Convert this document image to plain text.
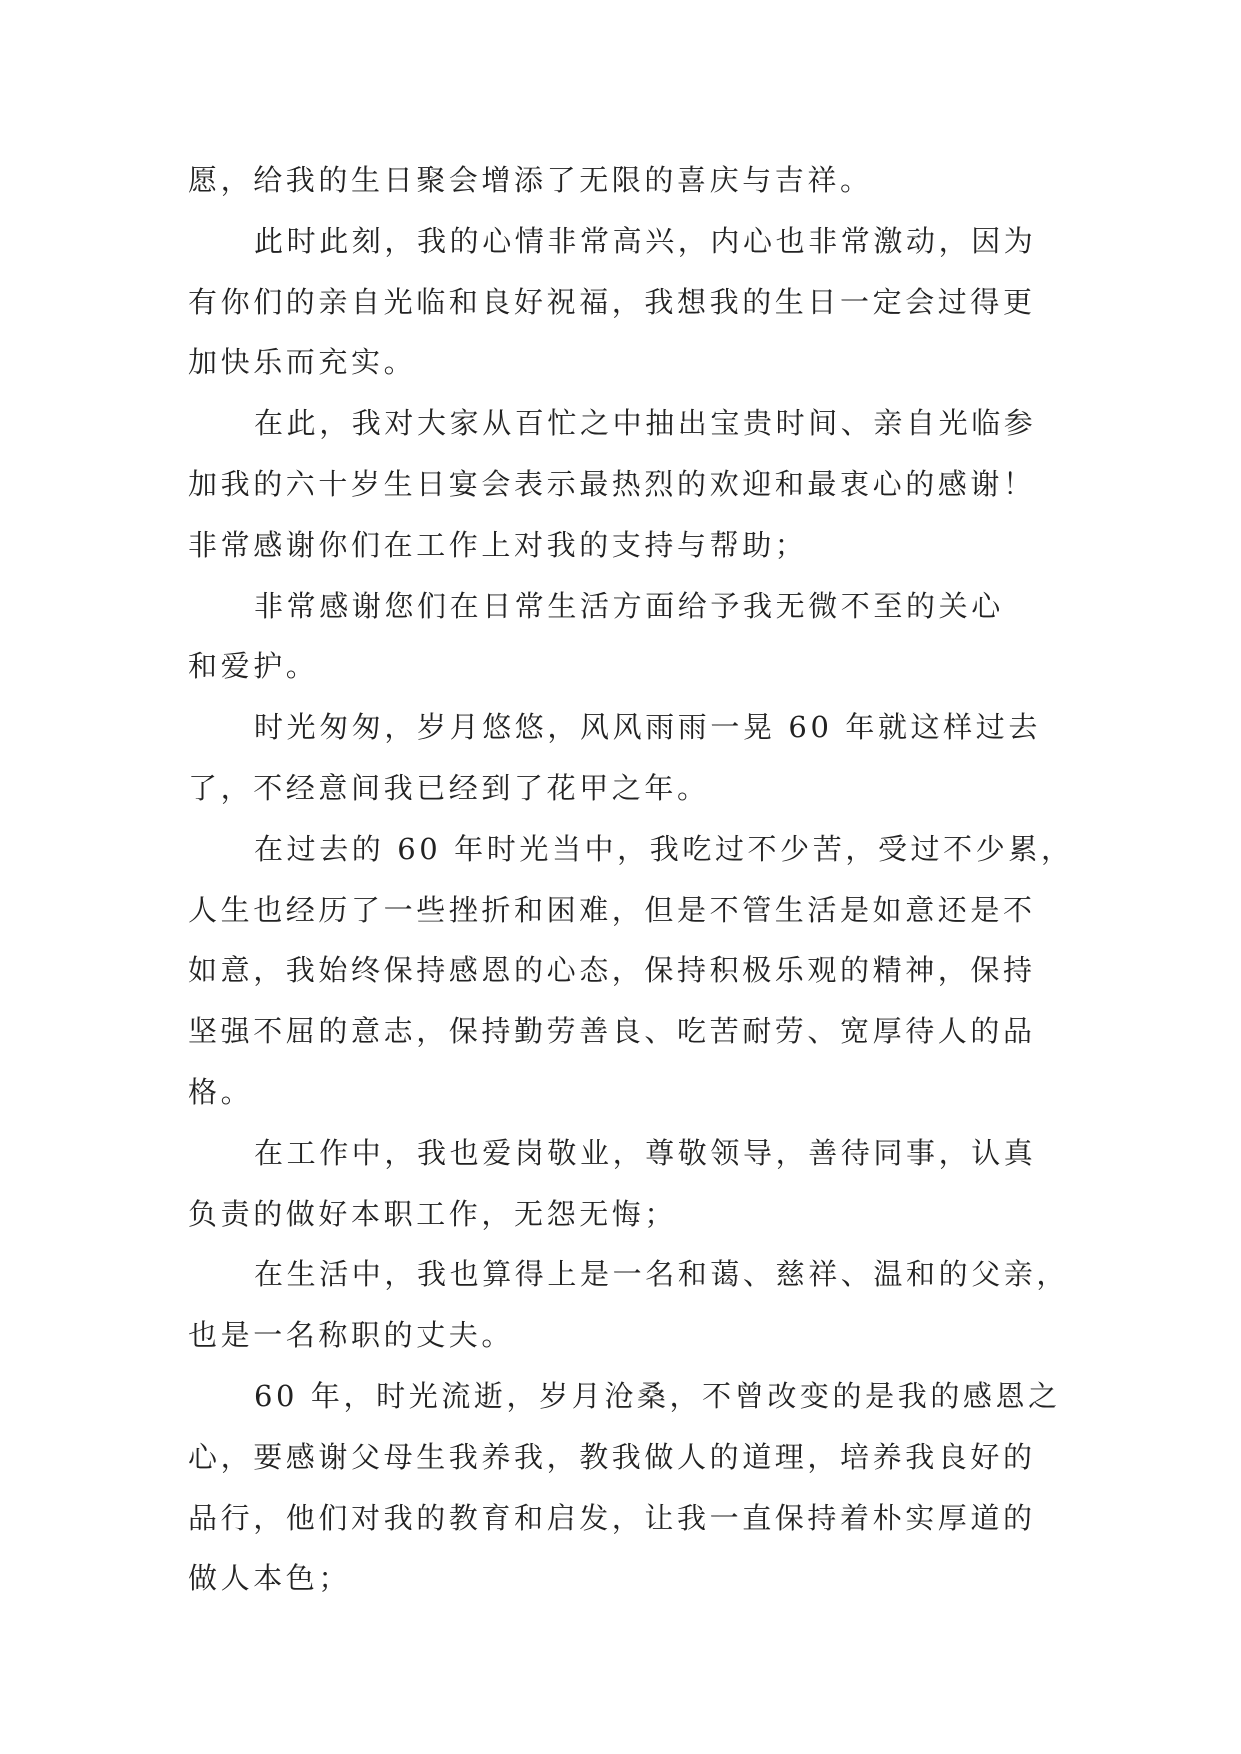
愿，给我的生日聚会增添了无限的喜庆与吉祥。
此时此刻，我的心情非常高兴，内心也非常激动，因为
有你们的亲自光临和良好祝福，我想我的生日一定会过得更
加快乐而充实。
在此，我对大家从百忙之中抽出宝贵时间、亲自光临参
加我的六十岁生日宴会表示最热烈的欢迎和最衷心的感谢！
非常感谢你们在工作上对我的支持与帮助；
非常感谢您们在日常生活方面给予我无微不至的关心
和爱护。
时光匆匆，岁月悠悠，风风雨雨一晃 60 年就这样过去
了，不经意间我已经到了花甲之年。
在过去的 60 年时光当中，我吃过不少苦，受过不少累，
人生也经历了一些挫折和困难，但是不管生活是如意还是不
如意，我始终保持感恩的心态，保持积极乐观的精神，保持
坚强不屈的意志，保持勤劳善良、吃苦耐劳、宽厚待人的品
格。
在工作中，我也爱岗敬业，尊敬领导，善待同事，认真
负责的做好本职工作，无怨无悔；
在生活中，我也算得上是一名和蔼、慈祥、温和的父亲，
也是一名称职的丈夫。
60 年，时光流逝，岁月沧桑，不曾改变的是我的感恩之
心，要感谢父母生我养我，教我做人的道理，培养我良好的
品行，他们对我的教育和启发，让我一直保持着朴实厚道的
做人本色；
